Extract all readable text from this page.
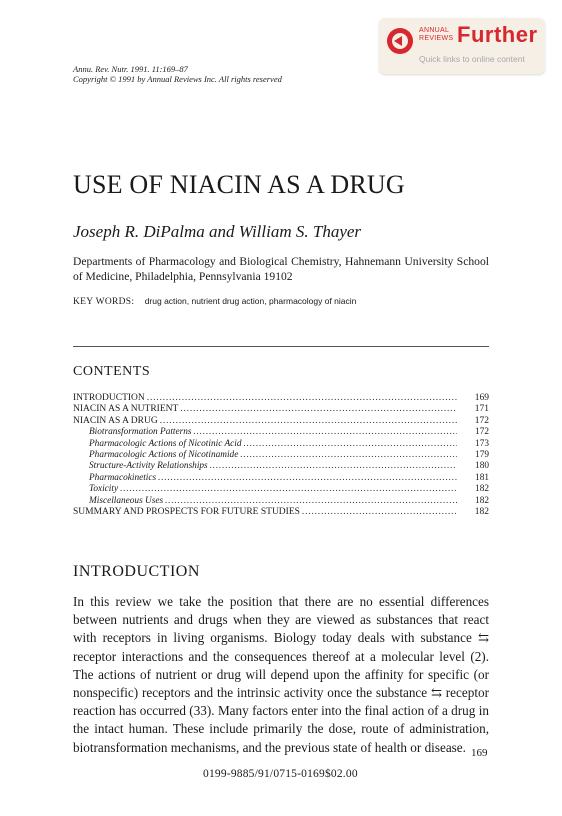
ANNUAL
REVIEWS Further
Quick links to online content
Annu. Rev. Nutr. 1991. 11:169–87
Copyright © 1991 by Annual Reviews Inc. All rights reserved
USE OF NIACIN AS A DRUG
Joseph R. DiPalma and William S. Thayer
Departments of Pharmacology and Biological Chemistry, Hahnemann University School of Medicine, Philadelphia, Pennsylvania 19102
KEY WORDS: drug action, nutrient drug action, pharmacology of niacin
CONTENTS
INTRODUCTION .....	169
NIACIN AS A NUTRIENT .....	171
NIACIN AS A DRUG .....	172
Biotransformation Patterns .....	172
Pharmacologic Actions of Nicotinic Acid .....	173
Pharmacologic Actions of Nicotinamide .....	179
Structure-Activity Relationships .....	180
Pharmacokinetics .....	181
Toxicity .....	182
Miscellaneous Uses .....	182
SUMMARY AND PROSPECTS FOR FUTURE STUDIES .....	182
INTRODUCTION
In this review we take the position that there are no essential differences between nutrients and drugs when they are viewed as substances that react with receptors in living organisms. Biology today deals with substance ⇆ receptor interactions and the consequences thereof at a molecular level (2). The actions of nutrient or drug will depend upon the affinity for specific (or nonspecific) receptors and the intrinsic activity once the substance ⇆ receptor reaction has occurred (33). Many factors enter into the final action of a drug in the intact human. These include primarily the dose, route of administration, biotransformation mechanisms, and the previous state of health or disease. 169
0199-9885/91/0715-0169$02.00
